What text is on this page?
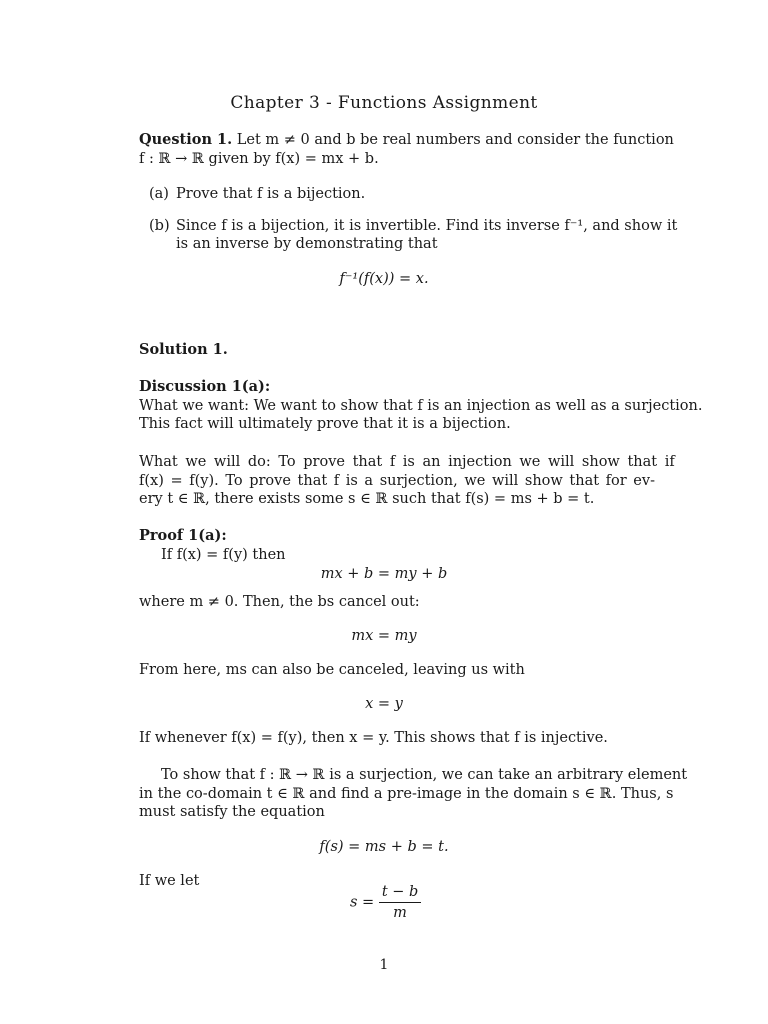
Chapter 3 - Functions Assignment
Question 1. Let m ≠ 0 and b be real numbers and consider the function
f : ℝ → ℝ given by f(x) = mx + b.
(a) Prove that f is a bijection.
(b) Since f is a bijection, it is invertible. Find its inverse f⁻¹, and show it
is an inverse by demonstrating that
f⁻¹(f(x)) = x.
Solution 1.
Discussion 1(a):
What we want: We want to show that f is an injection as well as a surjection.
This fact will ultimately prove that it is a bijection.
What we will do: To prove that f is an injection we will show that if
f(x) = f(y). To prove that f is a surjection, we will show that for ev-
ery t ∈ ℝ, there exists some s ∈ ℝ such that f(s) = ms + b = t.
Proof 1(a):
If f(x) = f(y) then
mx + b = my + b
where m ≠ 0. Then, the bs cancel out:
mx = my
From here, ms can also be canceled, leaving us with
x = y
If whenever f(x) = f(y), then x = y. This shows that f is injective.
To show that f : ℝ → ℝ is a surjection, we can take an arbitrary element
in the co-domain t ∈ ℝ and find a pre-image in the domain s ∈ ℝ. Thus, s
must satisfy the equation
f(s) = ms + b = t.
If we let
$s = \frac{t - b}{m}$
1
